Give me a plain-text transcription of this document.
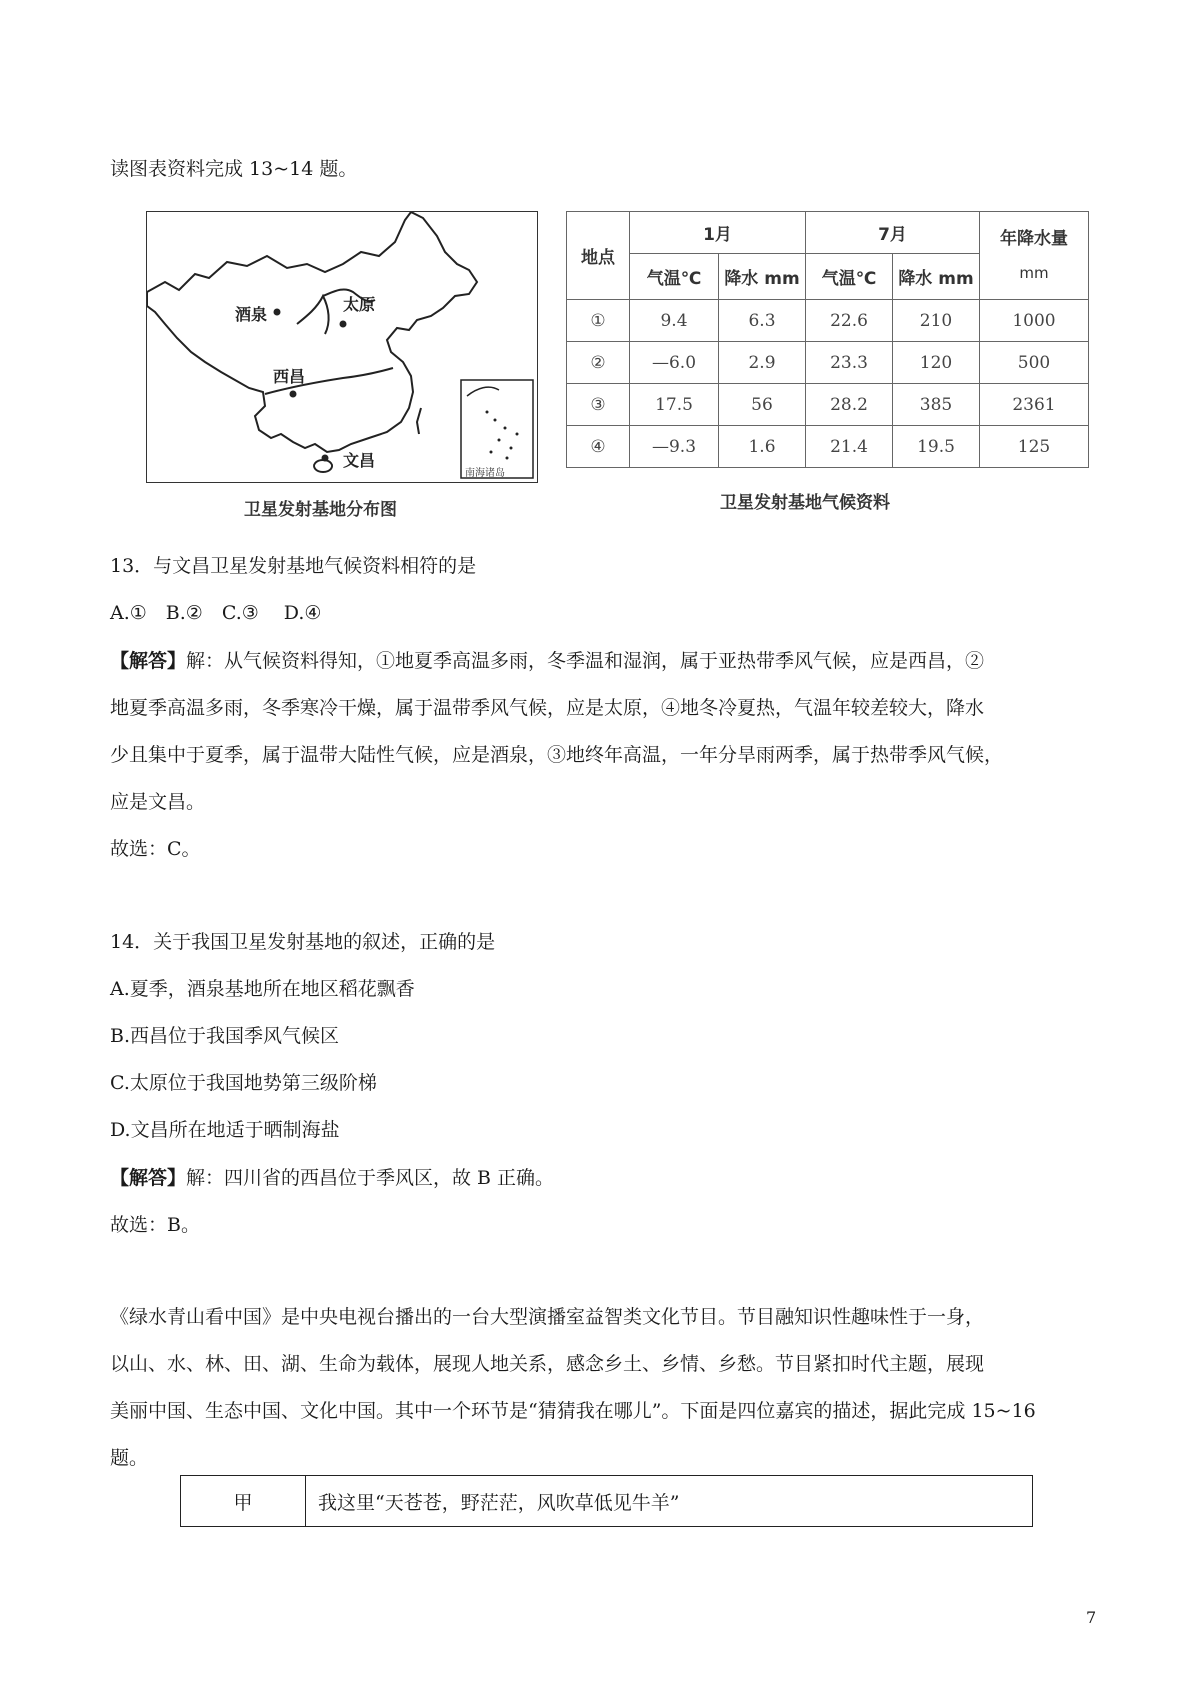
读图表资料完成 13~14 题。
酒泉
太原
西昌
文昌
南海诸岛
卫星发射基地分布图
地点	1月		7月		年降水量
mm
	气温℃	降水 mm	气温℃	降水 mm	
①	9.4	6.3	22.6	210	1000
②	—6.0	2.9	23.3	120	500
③	17.5	56	28.2	385	2361
④	—9.3	1.6	21.4	19.5	125
卫星发射基地气候资料
13．与文昌卫星发射基地气候资料相符的是
A.①　B.②　C.③　 D.④
【解答】解：从气候资料得知，①地夏季高温多雨，冬季温和湿润，属于亚热带季风气候，应是西昌，②
地夏季高温多雨，冬季寒冷干燥，属于温带季风气候，应是太原，④地冬冷夏热，气温年较差较大，降水
少且集中于夏季，属于温带大陆性气候，应是酒泉，③地终年高温，一年分旱雨两季，属于热带季风气候，
应是文昌。
故选：C。
14．关于我国卫星发射基地的叙述，正确的是
A.夏季，酒泉基地所在地区稻花飘香
B.西昌位于我国季风气候区
C.太原位于我国地势第三级阶梯
D.文昌所在地适于晒制海盐
【解答】解：四川省的西昌位于季风区，故 B 正确。
故选：B。
《绿水青山看中国》是中央电视台播出的一台大型演播室益智类文化节目。节目融知识性趣味性于一身，
以山、水、林、田、湖、生命为载体，展现人地关系，感念乡土、乡情、乡愁。节目紧扣时代主题，展现
美丽中国、生态中国、文化中国。其中一个环节是“猜猜我在哪儿”。下面是四位嘉宾的描述，据此完成 15~16
题。
甲	我这里“天苍苍，野茫茫，风吹草低见牛羊”
7
